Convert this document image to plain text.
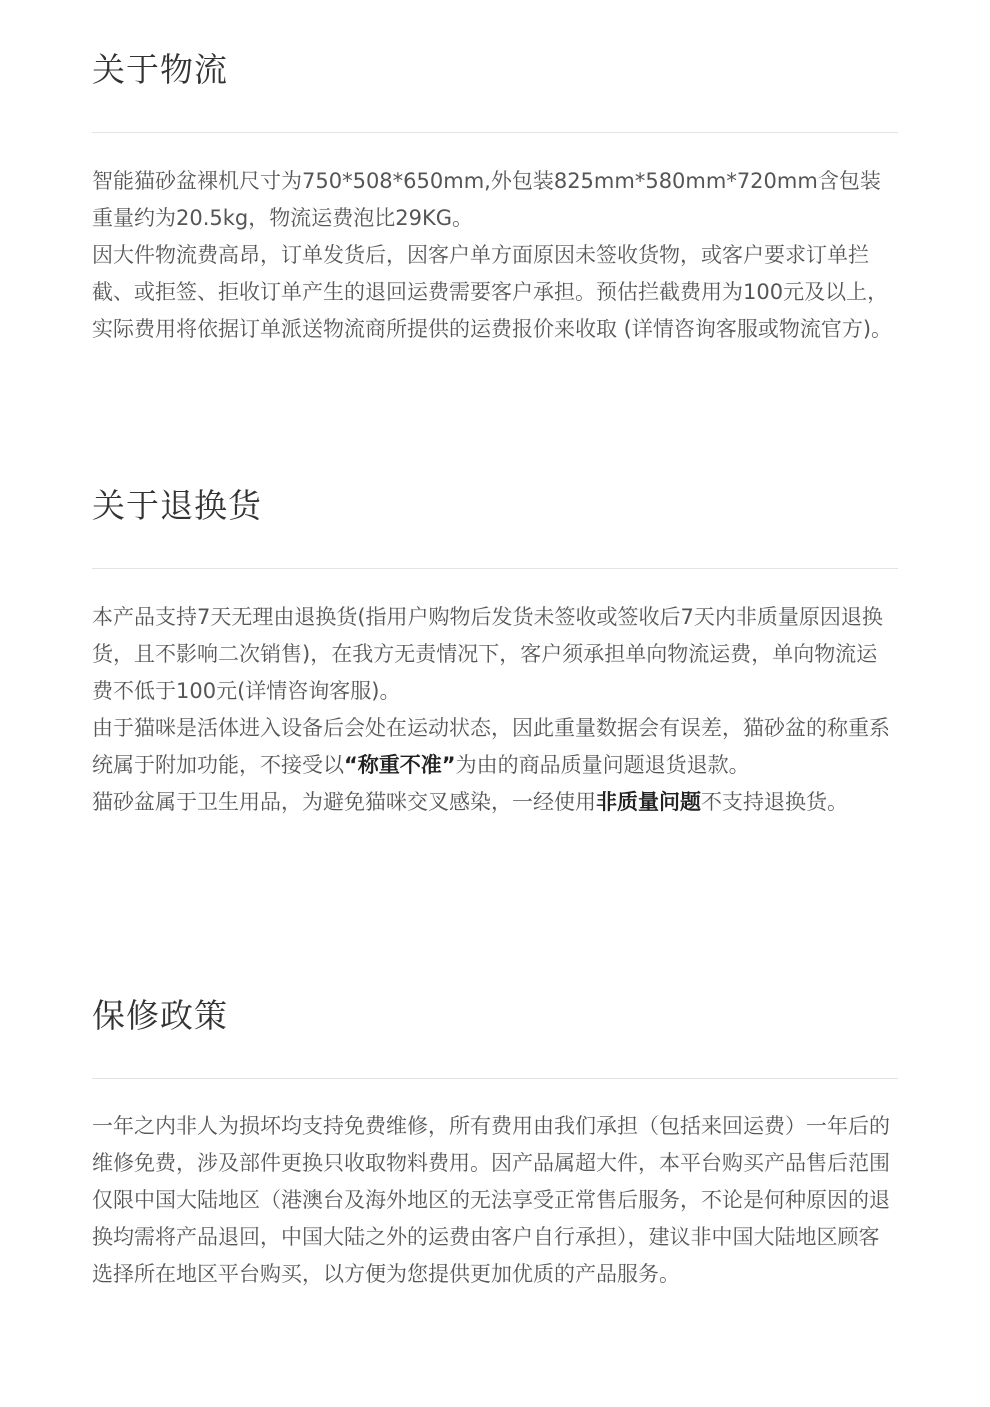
关于物流

智能猫砂盆裸机尺寸为750*508*650mm,外包装825mm*580mm*720mm含包装重量约为20.5kg，物流运费泡比29KG。

因大件物流费高昂，订单发货后，因客户单方面原因未签收货物，或客户要求订单拦截、或拒签、拒收订单产生的退回运费需要客户承担。预估拦截费用为100元及以上，实际费用将依据订单派送物流商所提供的运费报价来收取 (详情咨询客服或物流官方)。

关于退换货

本产品支持7天无理由退换货(指用户购物后发货未签收或签收后7天内非质量原因退换货，且不影响二次销售)，在我方无责情况下，客户须承担单向物流运费，单向物流运费不低于100元(详情咨询客服)。

由于猫咪是活体进入设备后会处在运动状态，因此重量数据会有误差，猫砂盆的称重系统属于附加功能，不接受以“称重不准”为由的商品质量问题退货退款。

猫砂盆属于卫生用品，为避免猫咪交叉感染，一经使用非质量问题不支持退换货。

保修政策

一年之内非人为损坏均支持免费维修，所有费用由我们承担（包括来回运费）一年后的维修免费，涉及部件更换只收取物料费用。因产品属超大件，本平台购买产品售后范围仅限中国大陆地区（港澳台及海外地区的无法享受正常售后服务，不论是何种原因的退换均需将产品退回，中国大陆之外的运费由客户自行承担），建议非中国大陆地区顾客选择所在地区平台购买，以方便为您提供更加优质的产品服务。
